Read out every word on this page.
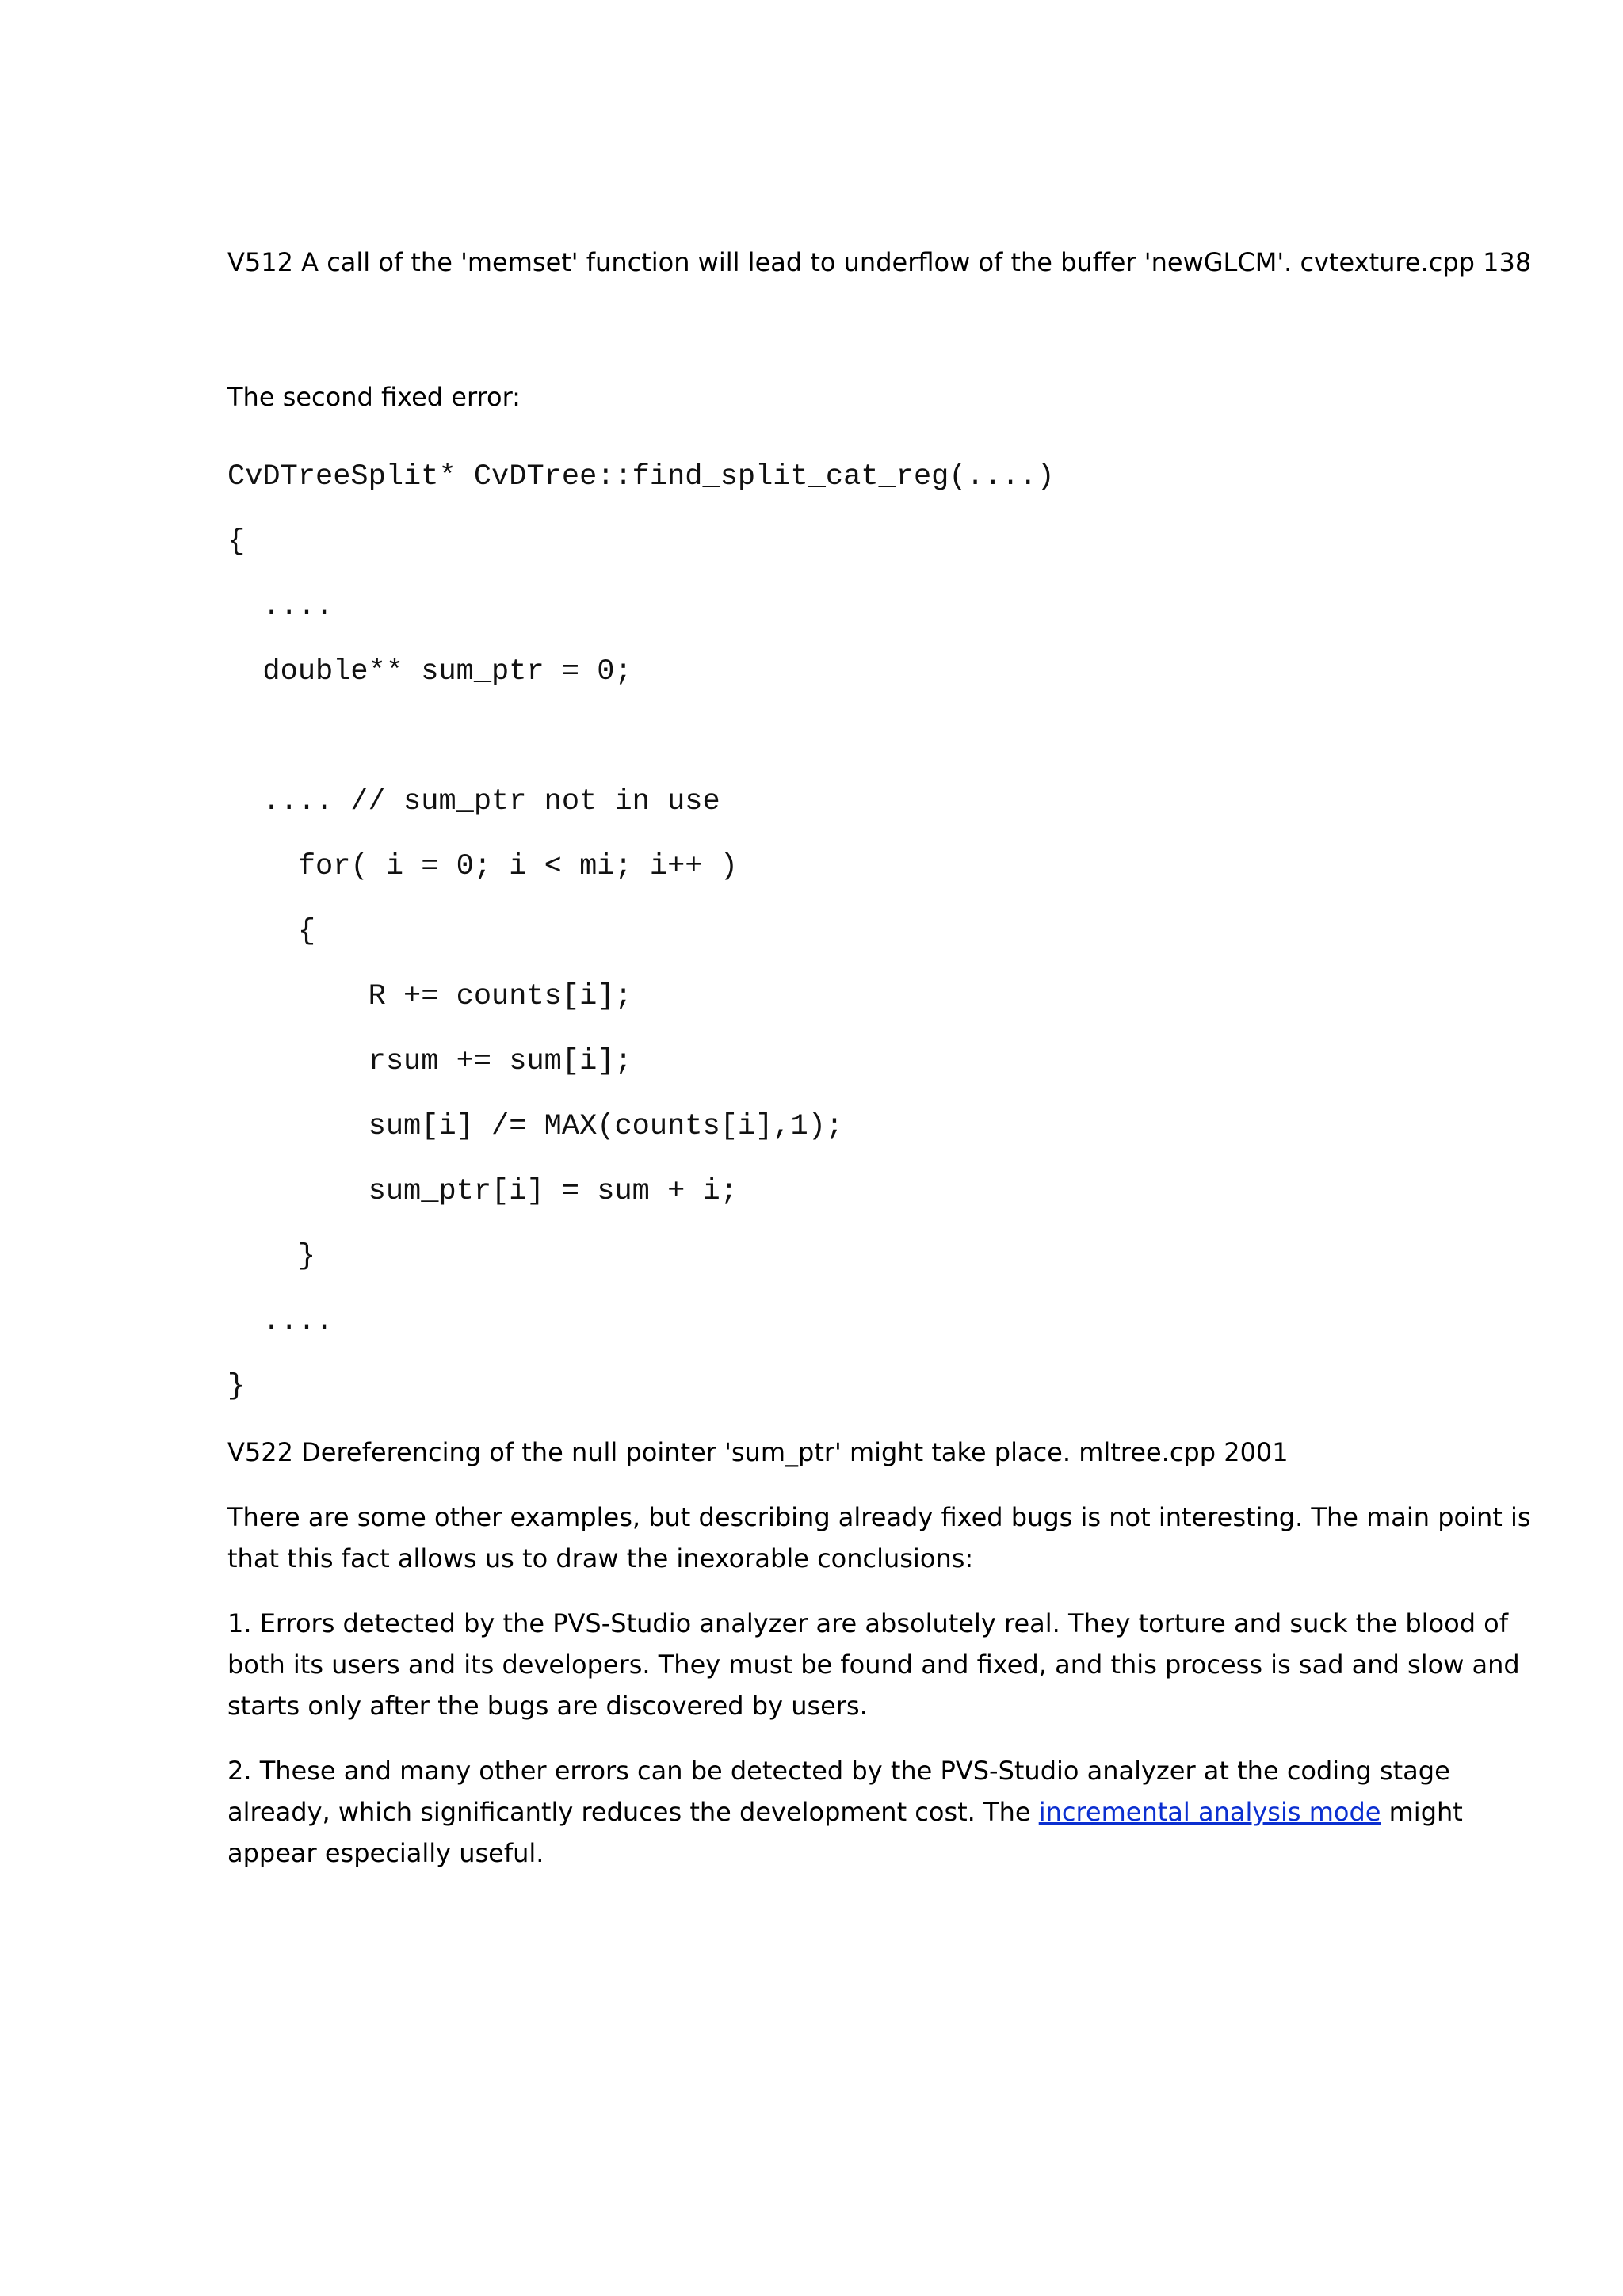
V512 A call of the 'memset' function will lead to underflow of the buffer 'newGLCM'. cvtexture.cpp 138

The second fixed error:

CvDTreeSplit* CvDTree::find_split_cat_reg(....)
{
....
double** sum_ptr = 0;
.... // sum_ptr not in use
for( i = 0; i < mi; i++ )
{
R += counts[i];
rsum += sum[i];
sum[i] /= MAX(counts[i],1);
sum_ptr[i] = sum + i;
}
....
}

V522 Dereferencing of the null pointer 'sum_ptr' might take place. mltree.cpp 2001

There are some other examples, but describing already fixed bugs is not interesting. The main point is that this fact allows us to draw the inexorable conclusions:

1. Errors detected by the PVS-Studio analyzer are absolutely real. They torture and suck the blood of both its users and its developers. They must be found and fixed, and this process is sad and slow and starts only after the bugs are discovered by users.

2. These and many other errors can be detected by the PVS-Studio analyzer at the coding stage already, which significantly reduces the development cost. The incremental analysis mode might appear especially useful.
